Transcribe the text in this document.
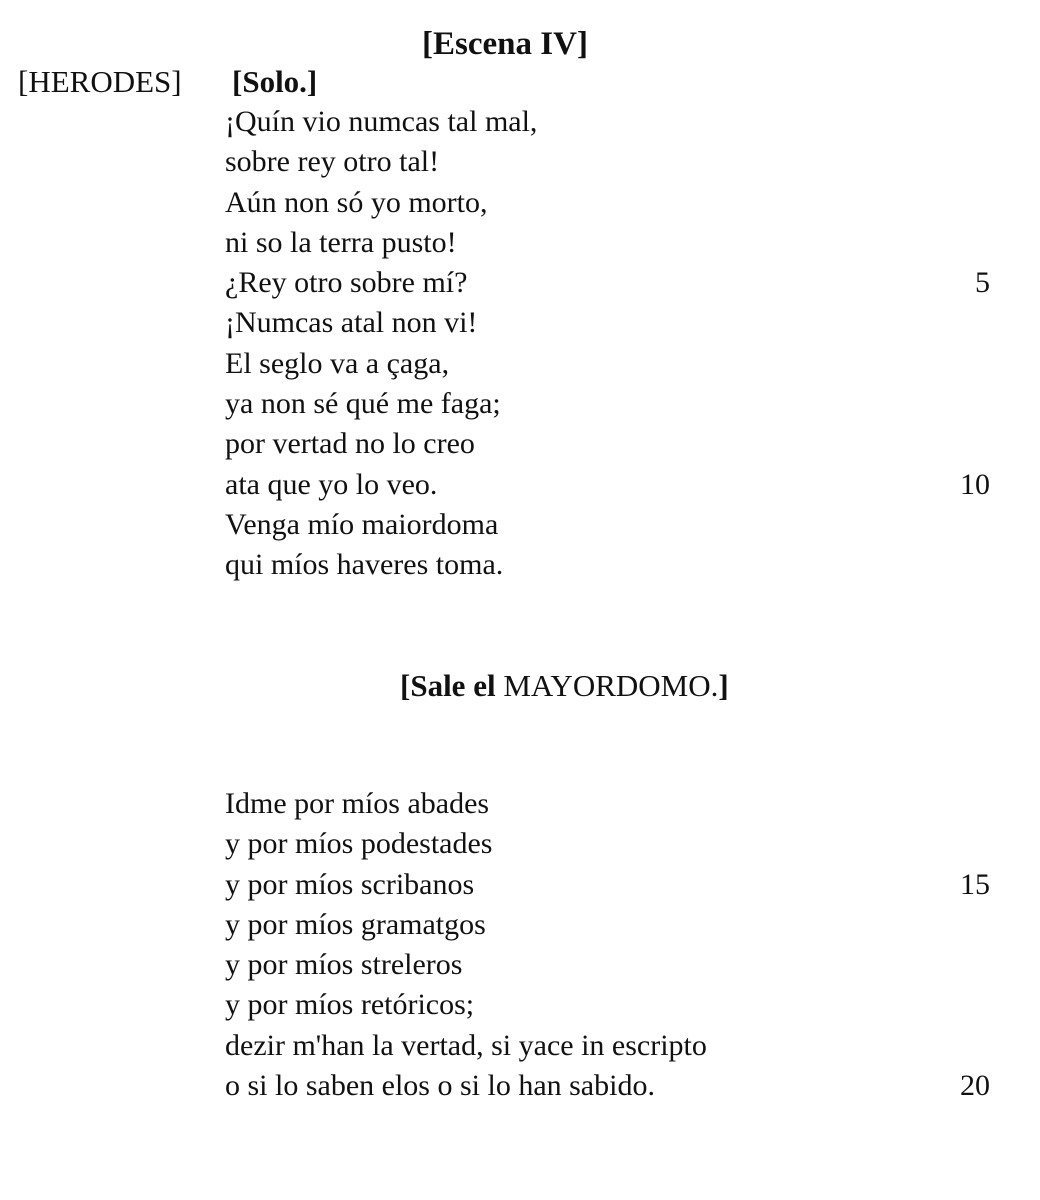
[Escena IV]
[HERODES] [Solo.]
¡Quín vio numcas tal mal,
sobre rey otro tal!
Aún non só yo morto,
ni so la terra pusto!
¿Rey otro sobre mí?	5
¡Numcas atal non vi!
El seglo va a çaga,
ya non sé qué me faga;
por vertad no lo creo
ata que yo lo veo.	10
Venga mío maiordoma
qui míos haveres toma.
[Sale el MAYORDOMO.]
Idme por míos abades
y por míos podestades
y por míos scribanos	15
y por míos gramatgos
y por míos streleros
y por míos retóricos;
dezir m'han la vertad, si yace in escripto
o si lo saben elos o si lo han sabido.	20
